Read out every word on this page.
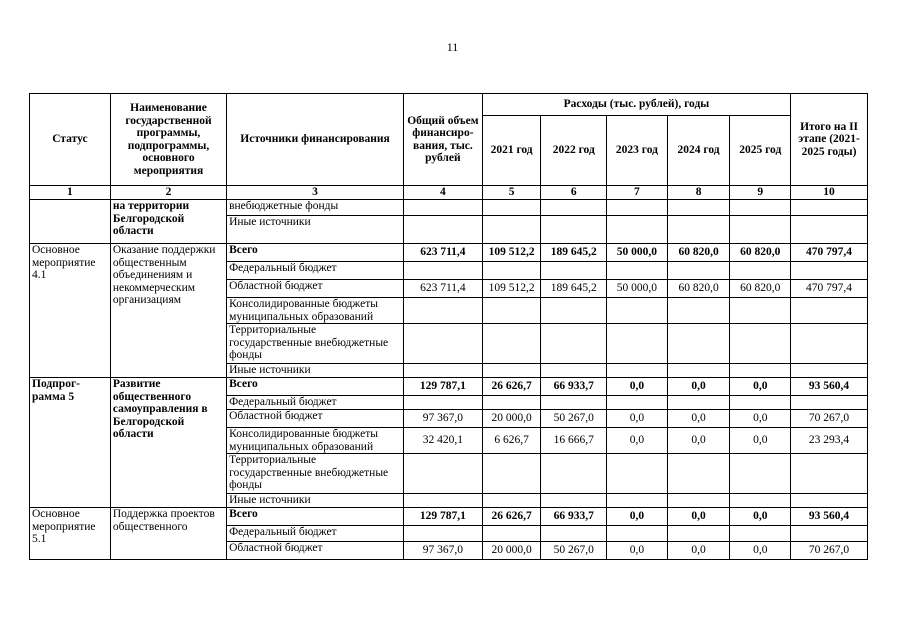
11
Статус	Наименование государственной программы, подпрограммы, основного мероприятия	Источники финансирования	Общий объем финансиро-вания, тыс. рублей	Расходы (тыс. рублей), годы					Итого на II этапе (2021-2025 годы)
				2021 год	2022 год	2023 год	2024 год	2025 год	
1	2	3	4	5	6	7	8	9	10
	на территории Белгородской области	внебюджетные фонды							
		Иные источники							
Основное мероприятие 4.1	Оказание поддержки общественным объединениям и некоммерческим организациям	Всего	623 711,4	109 512,2	189 645,2	50 000,0	60 820,0	60 820,0	470 797,4
		Федеральный бюджет							
		Областной бюджет	623 711,4	109 512,2	189 645,2	50 000,0	60 820,0	60 820,0	470 797,4
		Консолидированные бюджеты муниципальных образований							
		Территориальные государственные внебюджетные фонды							
		Иные источники							
Подпрог-рамма 5	Развитие общественного самоуправления в Белгородской области	Всего	129 787,1	26 626,7	66 933,7	0,0	0,0	0,0	93 560,4
		Федеральный бюджет							
		Областной бюджет	97 367,0	20 000,0	50 267,0	0,0	0,0	0,0	70 267,0
		Консолидированные бюджеты муниципальных образований	32 420,1	6 626,7	16 666,7	0,0	0,0	0,0	23 293,4
		Территориальные государственные внебюджетные фонды							
		Иные источники							
Основное мероприятие 5.1	Поддержка проектов общественного	Всего	129 787,1	26 626,7	66 933,7	0,0	0,0	0,0	93 560,4
		Федеральный бюджет							
		Областной бюджет	97 367,0	20 000,0	50 267,0	0,0	0,0	0,0	70 267,0
